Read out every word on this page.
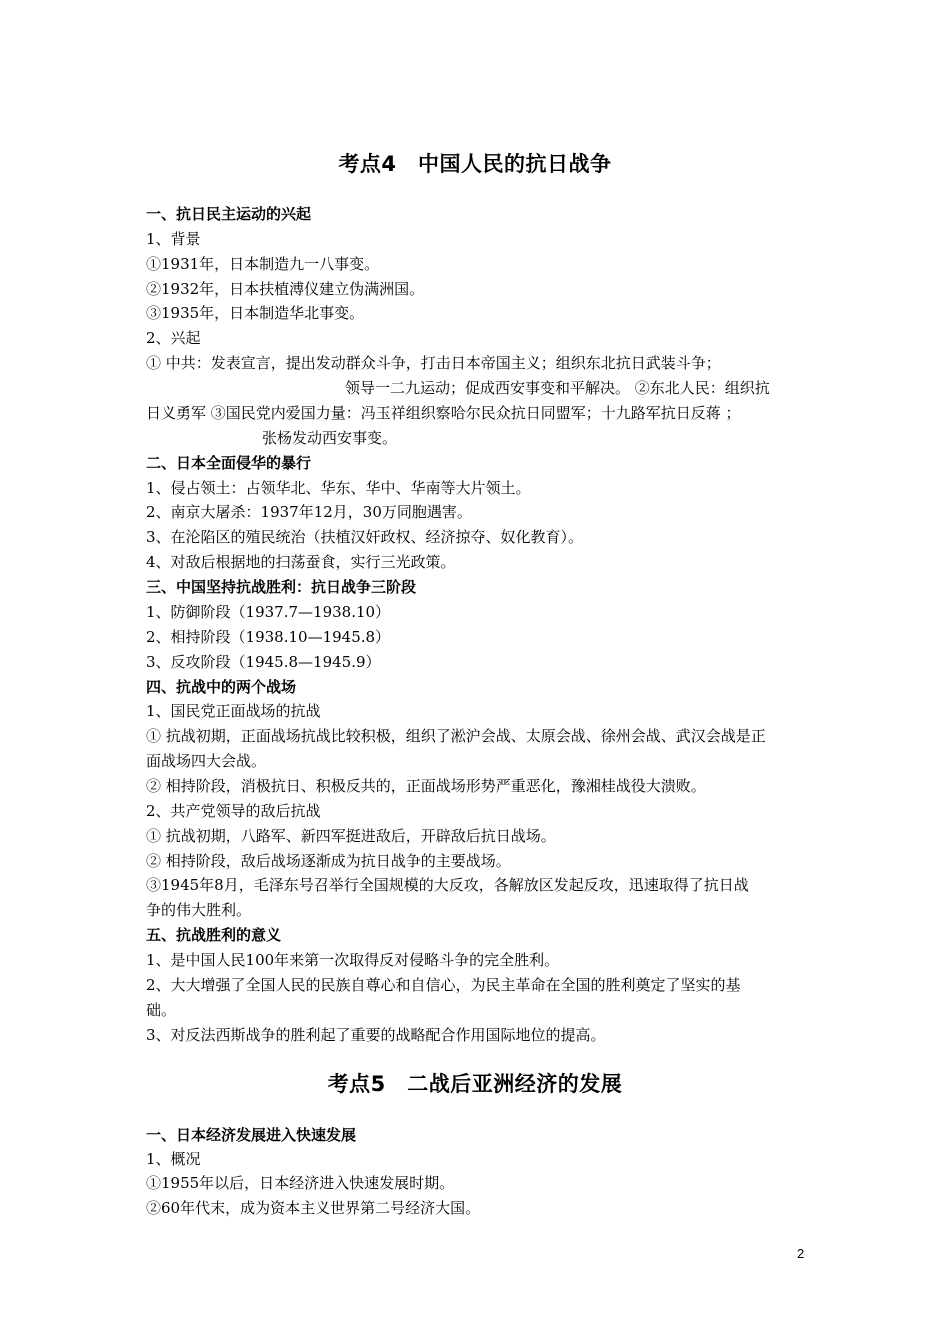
考点4　中国人民的抗日战争
一、抗日民主运动的兴起
1、背景
①1931年，日本制造九一八事变。
②1932年，日本扶植溥仪建立伪满洲国。
③1935年，日本制造华北事变。
2、兴起
① 中共：发表宣言，提出发动群众斗争，打击日本帝国主义；组织东北抗日武装斗争；
领导一二九运动；促成西安事变和平解决。 ②东北人民：组织抗
日义勇军 ③国民党内爱国力量：冯玉祥组织察哈尔民众抗日同盟军；十九路军抗日反蒋 ；
张杨发动西安事变。
二、日本全面侵华的暴行
1、侵占领土：占领华北、华东、华中、华南等大片领土。
2、南京大屠杀：1937年12月，30万同胞遇害。
3、在沦陷区的殖民统治（扶植汉奸政权、经济掠夺、奴化教育）。
4、对敌后根据地的扫荡蚕食，实行三光政策。
三、中国坚持抗战胜利：抗日战争三阶段
1、防御阶段（1937.7—1938.10）
2、相持阶段（1938.10—1945.8）
3、反攻阶段（1945.8—1945.9）
四、抗战中的两个战场
1、国民党正面战场的抗战
① 抗战初期，正面战场抗战比较积极，组织了淞沪会战、太原会战、徐州会战、武汉会战是正
面战场四大会战。
② 相持阶段，消极抗日、积极反共的，正面战场形势严重恶化，豫湘桂战役大溃败。
2、共产党领导的敌后抗战
① 抗战初期，八路军、新四军挺进敌后，开辟敌后抗日战场。
② 相持阶段，敌后战场逐渐成为抗日战争的主要战场。
③1945年8月，毛泽东号召举行全国规模的大反攻，各解放区发起反攻，迅速取得了抗日战
争的伟大胜利。
五、抗战胜利的意义
1、是中国人民100年来第一次取得反对侵略斗争的完全胜利。
2、大大增强了全国人民的民族自尊心和自信心，为民主革命在全国的胜利奠定了坚实的基
础。
3、对反法西斯战争的胜利起了重要的战略配合作用国际地位的提高。
考点5　二战后亚洲经济的发展
一、日本经济发展进入快速发展
1、概况
①1955年以后，日本经济进入快速发展时期。
②60年代末，成为资本主义世界第二号经济大国。
2
